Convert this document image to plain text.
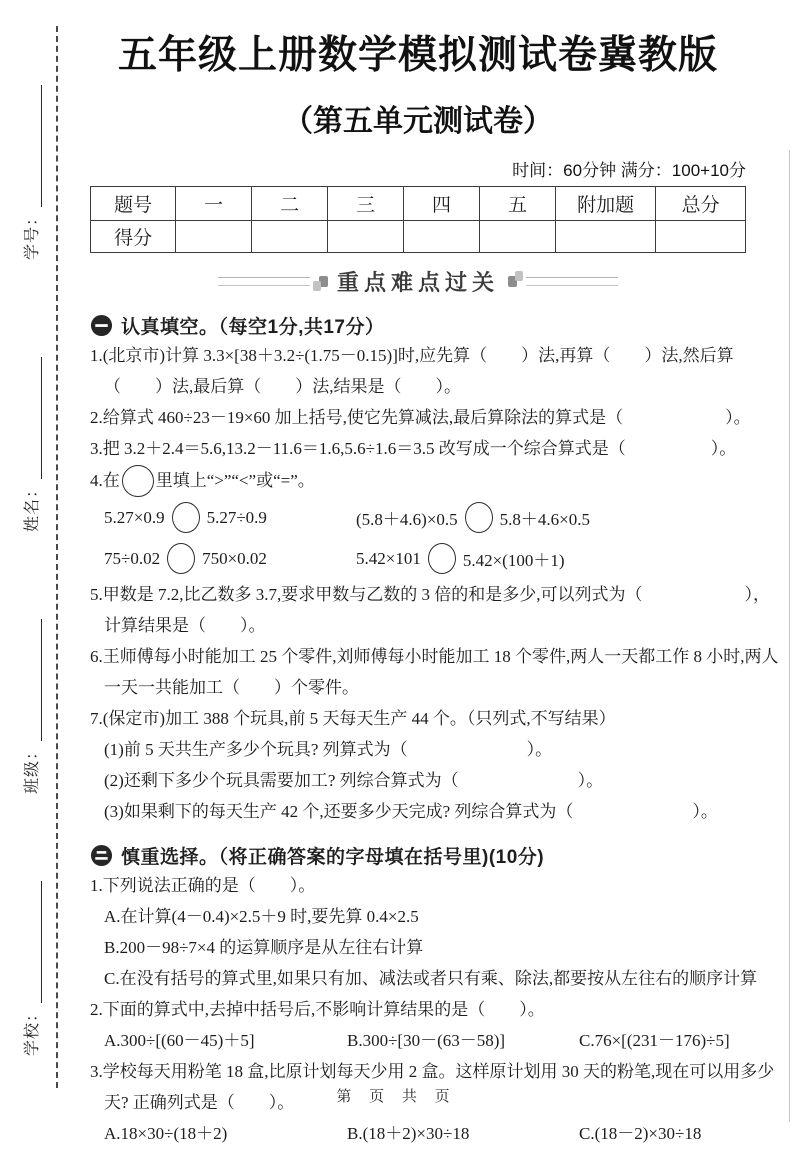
学号：
姓名：
班级：
学校：
五年级上册数学模拟测试卷冀教版
（第五单元测试卷）
时间：60分钟 满分：100+10分
题号	一	二	三	四	五	附加题	总分
得分							
重点难点过关
认真填空。（每空1分,共17分）

1.(北京市)计算 3.3×[38＋3.2÷(1.75－0.15)]时,应先算（　　）法,再算（　　）法,然后算

（　　）法,最后算（　　）法,结果是（　　）。

2.给算式 460÷23－19×60 加上括号,使它先算减法,最后算除法的算式是（　　　　　　）。

3.把 3.2＋2.4＝5.6,13.2－11.6＝1.6,5.6÷1.6＝3.5 改写成一个综合算式是（　　　　　）。

4.在 里填上“>”“<”或“=”。

5.27×0.9 5.27÷0.9	(5.8＋4.6)×0.5 5.8＋4.6×0.5
75÷0.02 750×0.02	5.42×101 5.42×(100＋1)

5.甲数是 7.2,比乙数多 3.7,要求甲数与乙数的 3 倍的和是多少,可以列式为（　　　　　　），

计算结果是（　　）。

6.王师傅每小时能加工 25 个零件,刘师傅每小时能加工 18 个零件,两人一天都工作 8 小时,两人

一天一共能加工（　　）个零件。

7.(保定市)加工 388 个玩具,前 5 天每天生产 44 个。（只列式,不写结果）

(1)前 5 天共生产多少个玩具? 列算式为（　　　　　　　）。

(2)还剩下多少个玩具需要加工? 列综合算式为（　　　　　　　）。

(3)如果剩下的每天生产 42 个,还要多少天完成? 列综合算式为（　　　　　　　）。

慎重选择。（将正确答案的字母填在括号里)(10分)

1.下列说法正确的是（　　）。

A.在计算(4－0.4)×2.5＋9 时,要先算 0.4×2.5

B.200－98÷7×4 的运算顺序是从左往右计算

C.在没有括号的算式里,如果只有加、减法或者只有乘、除法,都要按从左往右的顺序计算

2.下面的算式中,去掉中括号后,不影响计算结果的是（　　）。

A.300÷[(60－45)＋5]	B.300÷[30－(63－58)]	C.76×[(231－176)÷5]

3.学校每天用粉笔 18 盒,比原计划每天少用 2 盒。这样原计划用 30 天的粉笔,现在可以用多少

天? 正确列式是（　　）。

A.18×30÷(18＋2)	B.(18＋2)×30÷18	C.(18－2)×30÷18
第 页 共 页
